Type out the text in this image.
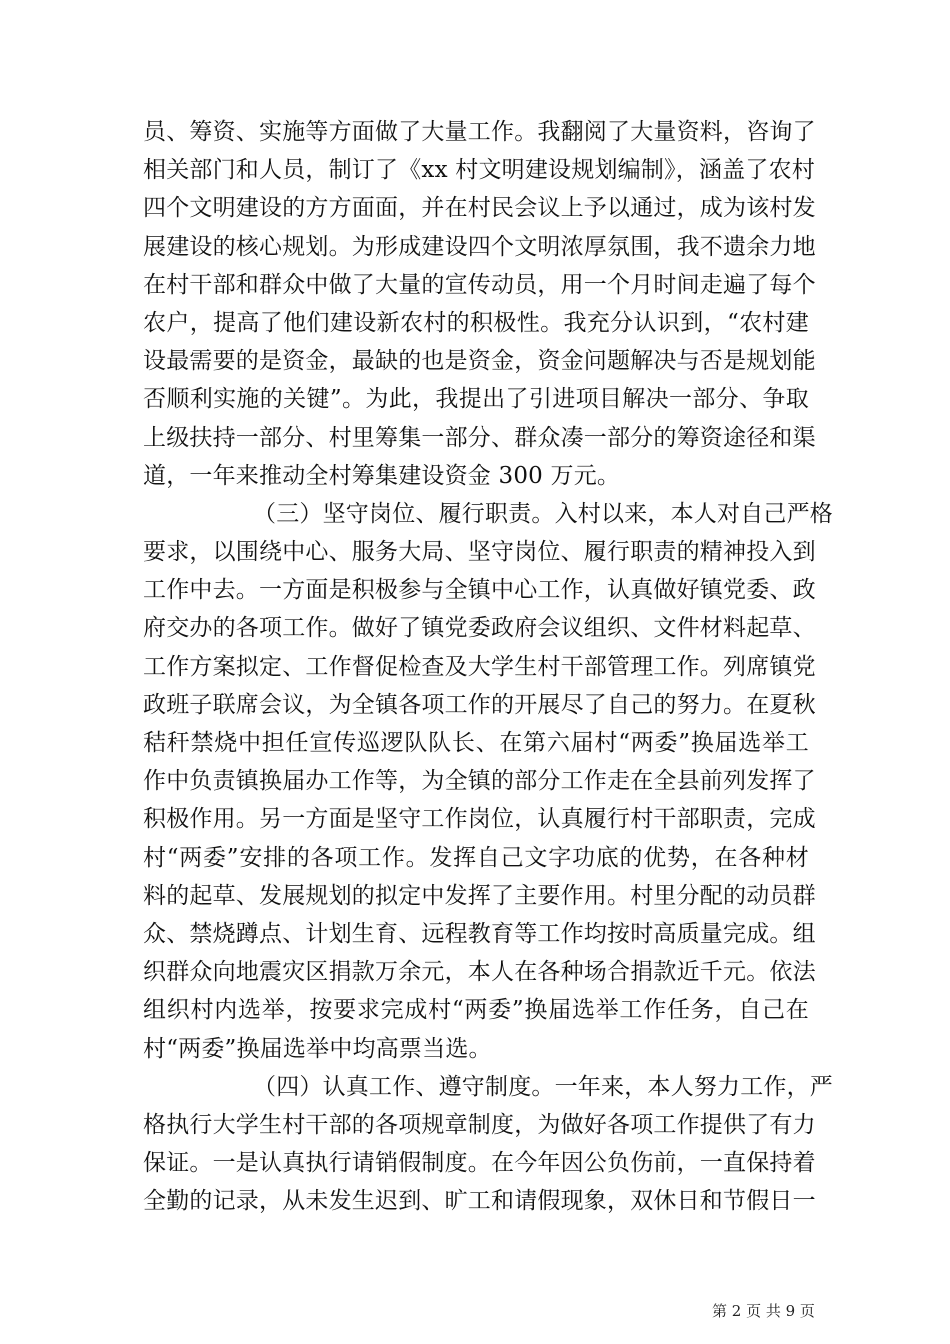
员、筹资、实施等方面做了大量工作。我翻阅了大量资料，咨询了
相关部门和人员，制订了《xx 村文明建设规划编制》，涵盖了农村
四个文明建设的方方面面，并在村民会议上予以通过，成为该村发
展建设的核心规划。为形成建设四个文明浓厚氛围，我不遗余力地
在村干部和群众中做了大量的宣传动员，用一个月时间走遍了每个
农户，提高了他们建设新农村的积极性。我充分认识到，“农村建
设最需要的是资金，最缺的也是资金，资金问题解决与否是规划能
否顺利实施的关键”。为此，我提出了引进项目解决一部分、争取
上级扶持一部分、村里筹集一部分、群众凑一部分的筹资途径和渠
道，一年来推动全村筹集建设资金 300 万元。
（三）坚守岗位、履行职责。入村以来，本人对自己严格
要求，以围绕中心、服务大局、坚守岗位、履行职责的精神投入到
工作中去。一方面是积极参与全镇中心工作，认真做好镇党委、政
府交办的各项工作。做好了镇党委政府会议组织、文件材料起草、
工作方案拟定、工作督促检查及大学生村干部管理工作。列席镇党
政班子联席会议，为全镇各项工作的开展尽了自己的努力。在夏秋
秸秆禁烧中担任宣传巡逻队队长、在第六届村“两委”换届选举工
作中负责镇换届办工作等，为全镇的部分工作走在全县前列发挥了
积极作用。另一方面是坚守工作岗位，认真履行村干部职责，完成
村“两委”安排的各项工作。发挥自己文字功底的优势，在各种材
料的起草、发展规划的拟定中发挥了主要作用。村里分配的动员群
众、禁烧蹲点、计划生育、远程教育等工作均按时高质量完成。组
织群众向地震灾区捐款万余元，本人在各种场合捐款近千元。依法
组织村内选举，按要求完成村“两委”换届选举工作任务，自己在
村“两委”换届选举中均高票当选。
（四）认真工作、遵守制度。一年来，本人努力工作，严
格执行大学生村干部的各项规章制度，为做好各项工作提供了有力
保证。一是认真执行请销假制度。在今年因公负伤前，一直保持着
全勤的记录，从未发生迟到、旷工和请假现象，双休日和节假日一
第 2 页 共 9 页
